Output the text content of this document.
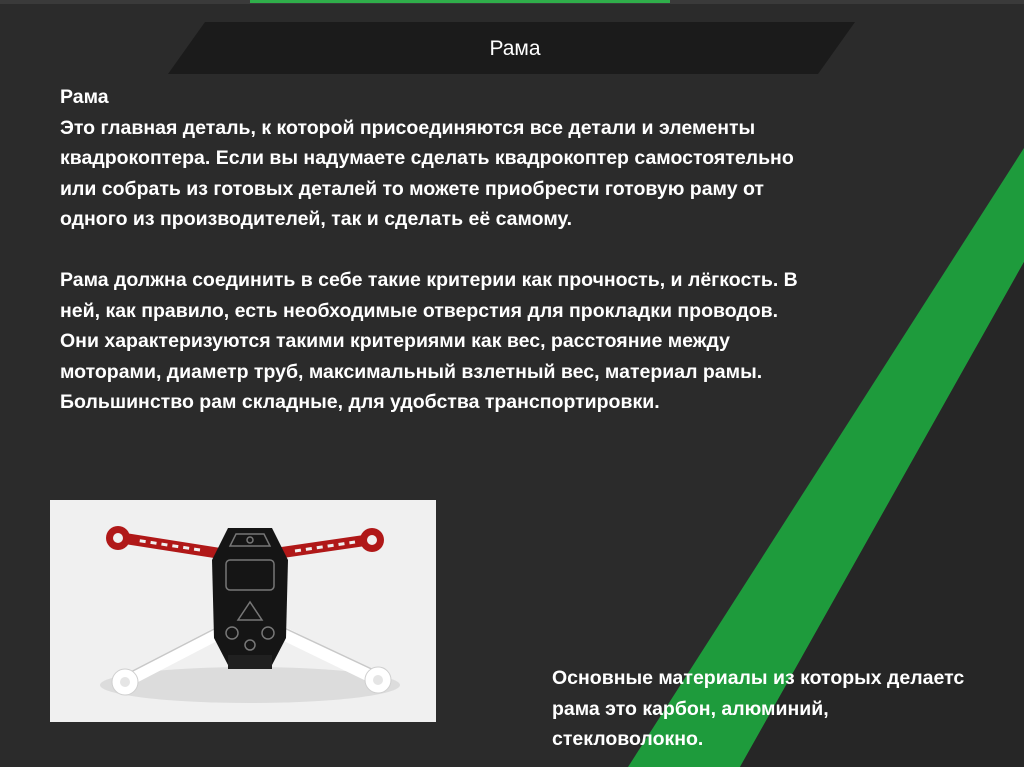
Рама

Рама

Это главная деталь, к которой присоединяются все детали и элементы

квадрокоптера. Если вы надумаете сделать квадрокоптер самостоятельно

или собрать из готовых деталей то можете приобрести готовую раму от

одного из производителей, так и сделать её самому.

Рама должна соединить в себе такие критерии как прочность, и лёгкость. В

ней, как правило, есть необходимые отверстия для прокладки проводов.

Они характеризуются такими критериями как вес, расстояние между

моторами, диаметр труб, максимальный взлетный вес, материал рамы.

Большинство рам складные, для удобства транспортировки.

Основные материалы из которых делаетс

рама это карбон, алюминий,

стекловолокно.
